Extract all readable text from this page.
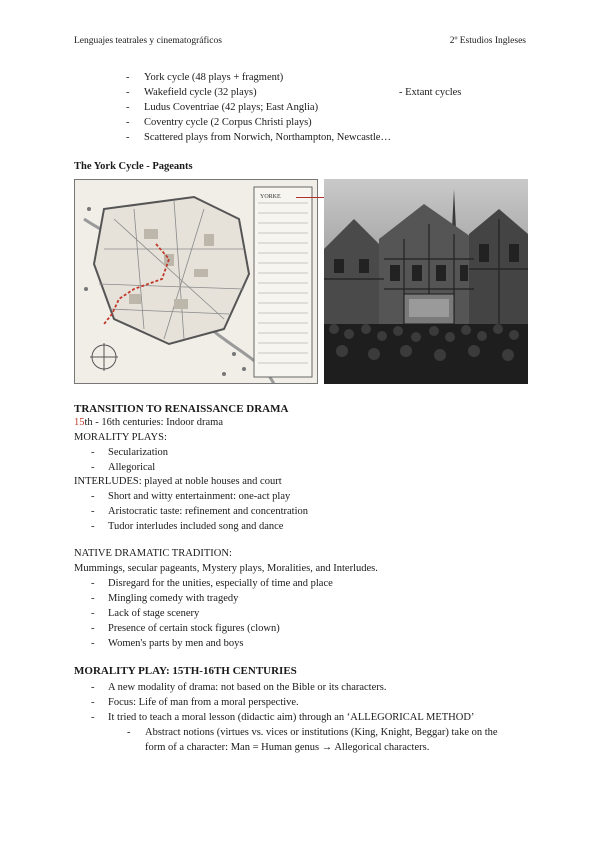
Lenguajes teatrales y cinematográficos	2º Estudios Ingleses
- York cycle (48 plays + fragment)
- Wakefield cycle (32 plays)	- Extant cycles
- Ludus Coventriae (42 plays; East Anglia)
- Coventry cycle (2 Corpus Christi plays)
- Scattered plays from Norwich, Northampton, Newcastle…
The York Cycle - Pageants
YORKE
TRANSITION TO RENAISSANCE DRAMA
15th - 16th centuries: Indoor drama
MORALITY PLAYS:
- Secularization
- Allegorical
INTERLUDES: played at noble houses and court
- Short and witty entertainment: one-act play
- Aristocratic taste: refinement and concentration
- Tudor interludes included song and dance
NATIVE DRAMATIC TRADITION:
Mummings, secular pageants, Mystery plays, Moralities, and Interludes.
- Disregard for the unities, especially of time and place
- Mingling comedy with tragedy
- Lack of stage scenery
- Presence of certain stock figures (clown)
- Women's parts by men and boys
MORALITY PLAY: 15TH-16TH CENTURIES
- A new modality of drama: not based on the Bible or its characters.
- Focus: Life of man from a moral perspective.
- It tried to teach a moral lesson (didactic aim) through an ‘ALLEGORICAL METHOD’
- Abstract notions (virtues vs. vices or institutions (King, Knight, Beggar) take on the
form of a character: Man = Human genus → Allegorical characters.
